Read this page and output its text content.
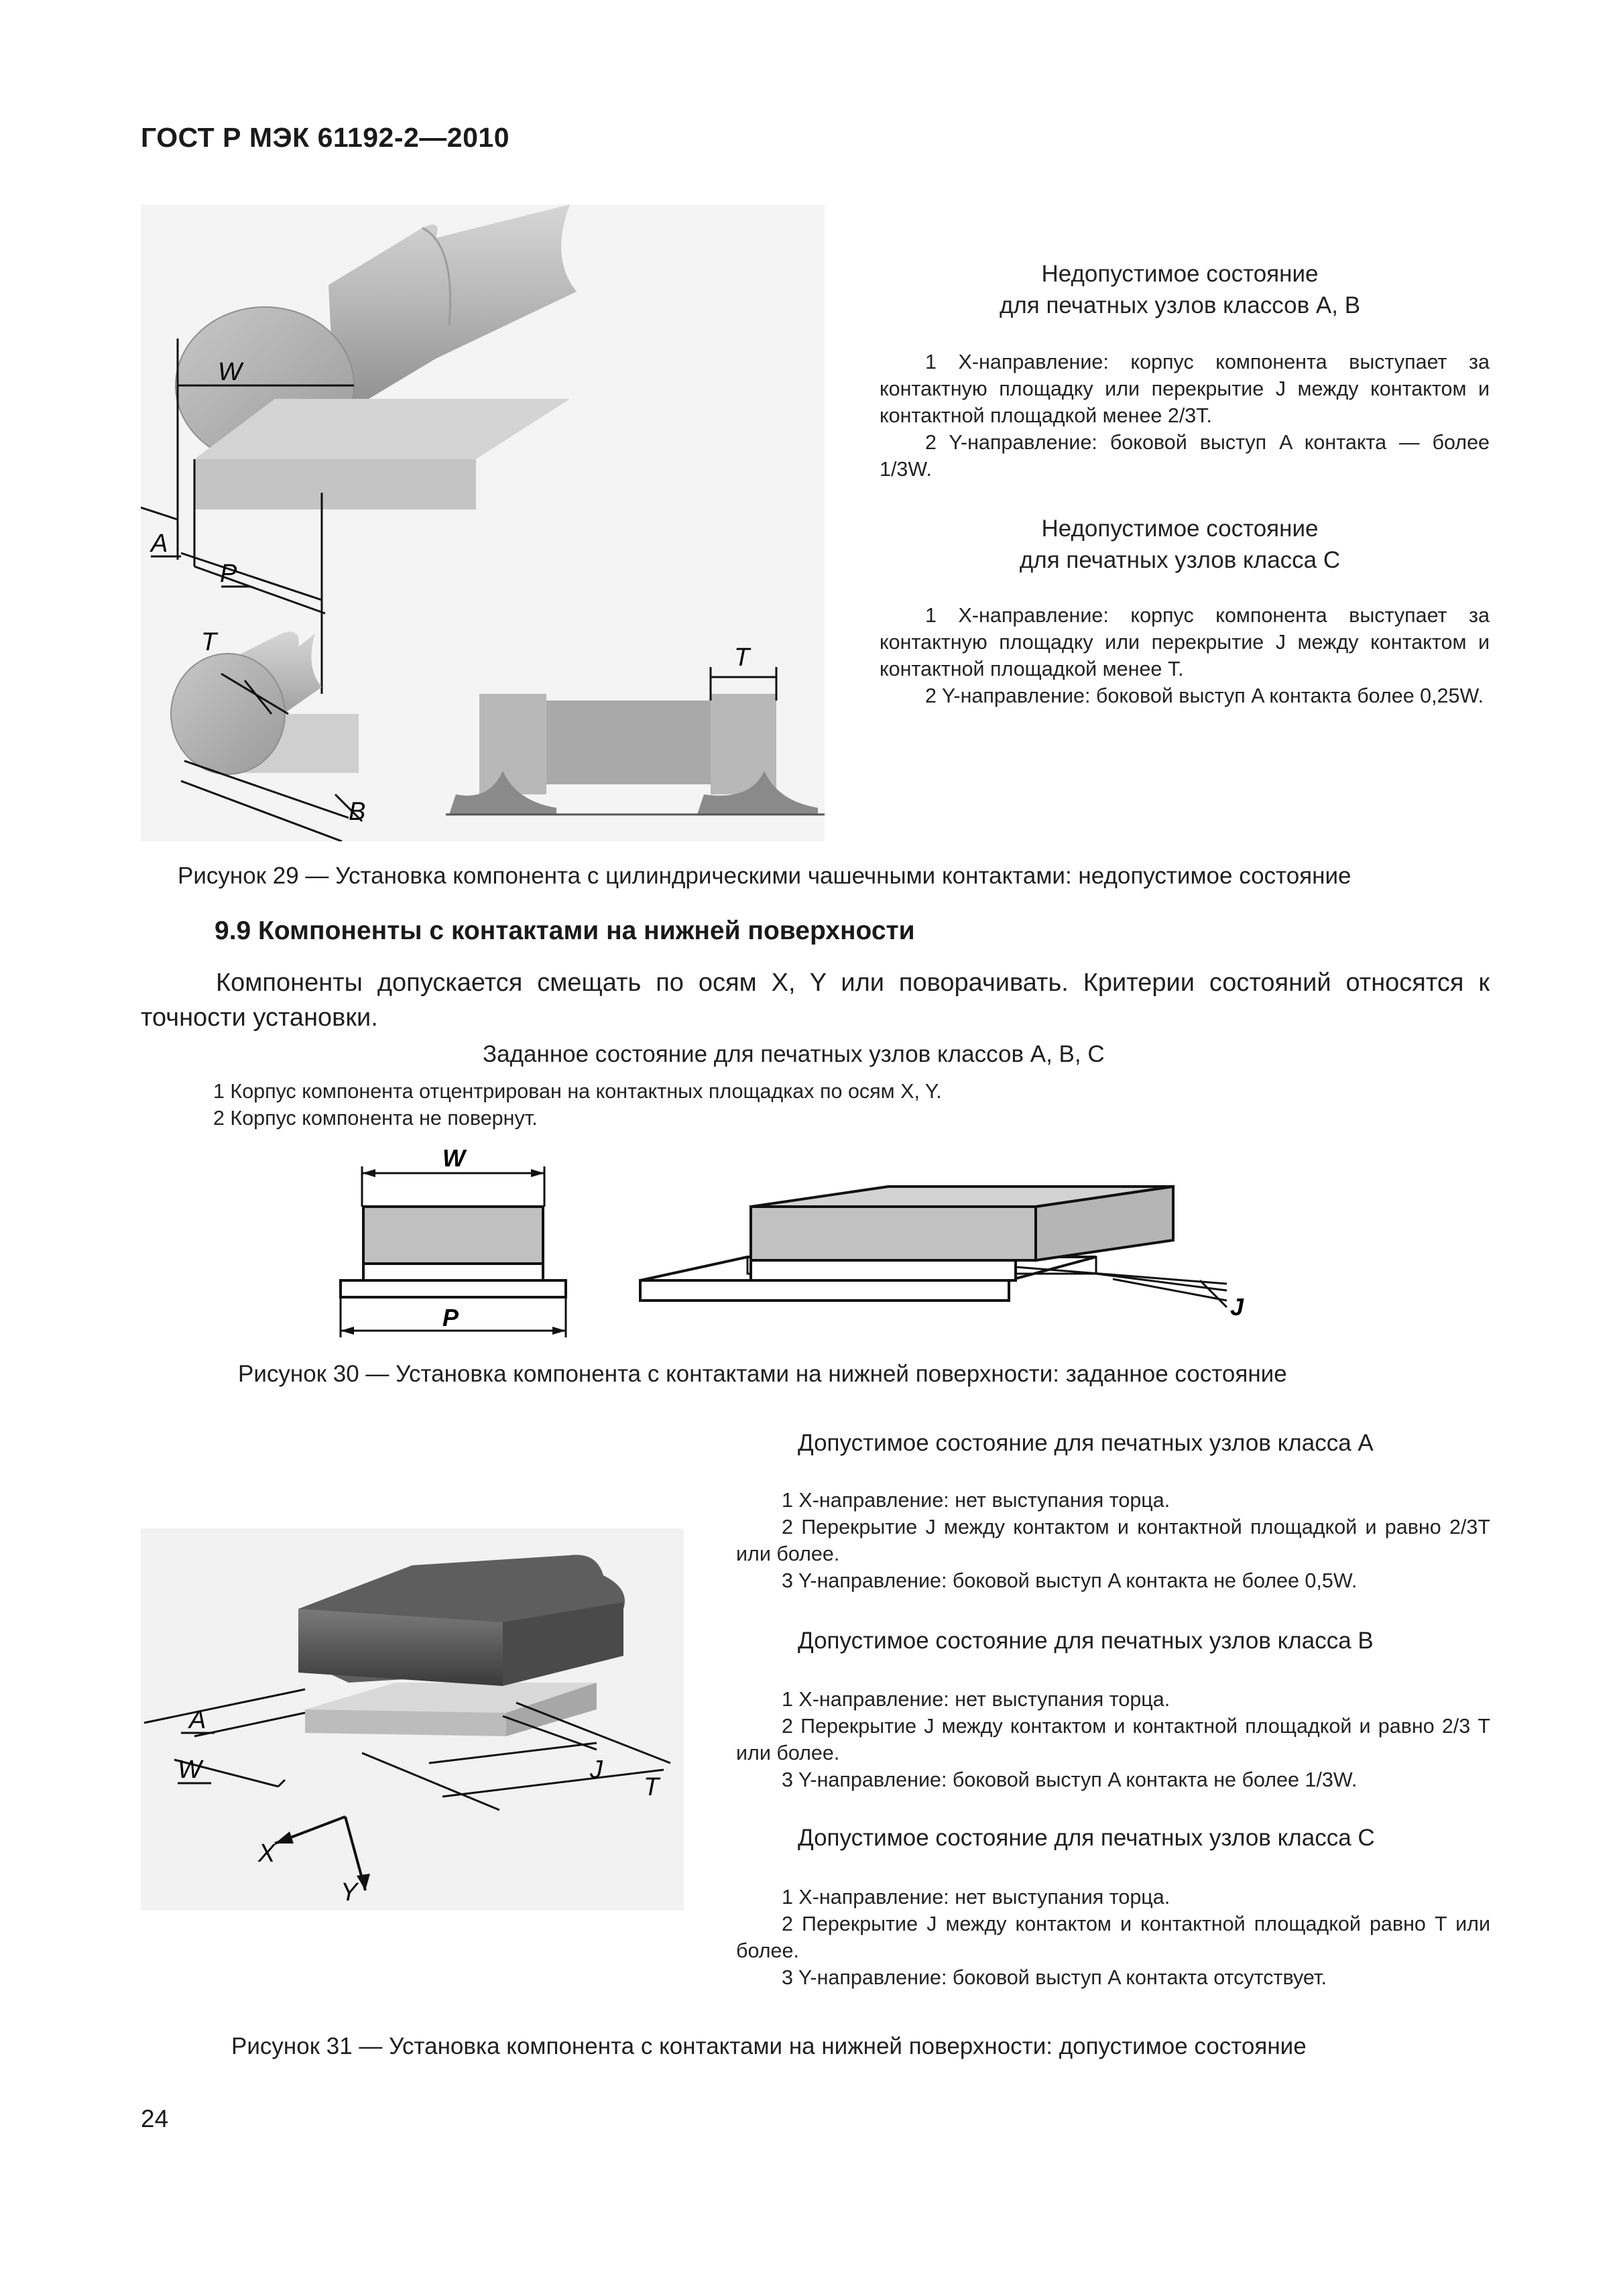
ГОСТ Р МЭК 61192-2—2010
W
A
P
T
B
T
Недопустимое состояние
для печатных узлов классов А, В
1 Х-направление: корпус компонента выступает за контактную площадку или перекрытие J между контактом и контактной площадкой менее 2/3T.
2 Y-направление: боковой выступ A контакта — более 1/3W.
Недопустимое состояние
для печатных узлов класса С
1 Х-направление: корпус компонента выступает за контактную площадку или перекрытие J между контактом и контактной площадкой менее T.
2 Y-направление: боковой выступ A контакта более 0,25W.
Рисунок 29 — Установка компонента с цилиндрическими чашечными контактами: недопустимое состояние
9.9 Компоненты с контактами на нижней поверхности
Компоненты допускается смещать по осям X, Y или поворачивать. Критерии состояний относятся к точности установки.
Заданное состояние для печатных узлов классов А, В, С
1 Корпус компонента отцентрирован на контактных площадках по осям X, Y.
2 Корпус компонента не повернут.
W
P	J
Рисунок 30 — Установка компонента с контактами на нижней поверхности: заданное состояние
A
W	J
T
X
Y
Допустимое состояние для печатных узлов класса А
1 Х-направление: нет выступания торца.
2 Перекрытие J между контактом и контактной площадкой и равно 2/3T или более.
3 Y-направление: боковой выступ A контакта не более 0,5W.
Допустимое состояние для печатных узлов класса В
1 Х-направление: нет выступания торца.
2 Перекрытие J между контактом и контактной площадкой и равно 2/3 T или более.
3 Y-направление: боковой выступ A контакта не более 1/3W.
Допустимое состояние для печатных узлов класса С
1 Х-направление: нет выступания торца.
2 Перекрытие J между контактом и контактной площадкой равно T или более.
3 Y-направление: боковой выступ A контакта отсутствует.
Рисунок 31 — Установка компонента с контактами на нижней поверхности: допустимое состояние
24
